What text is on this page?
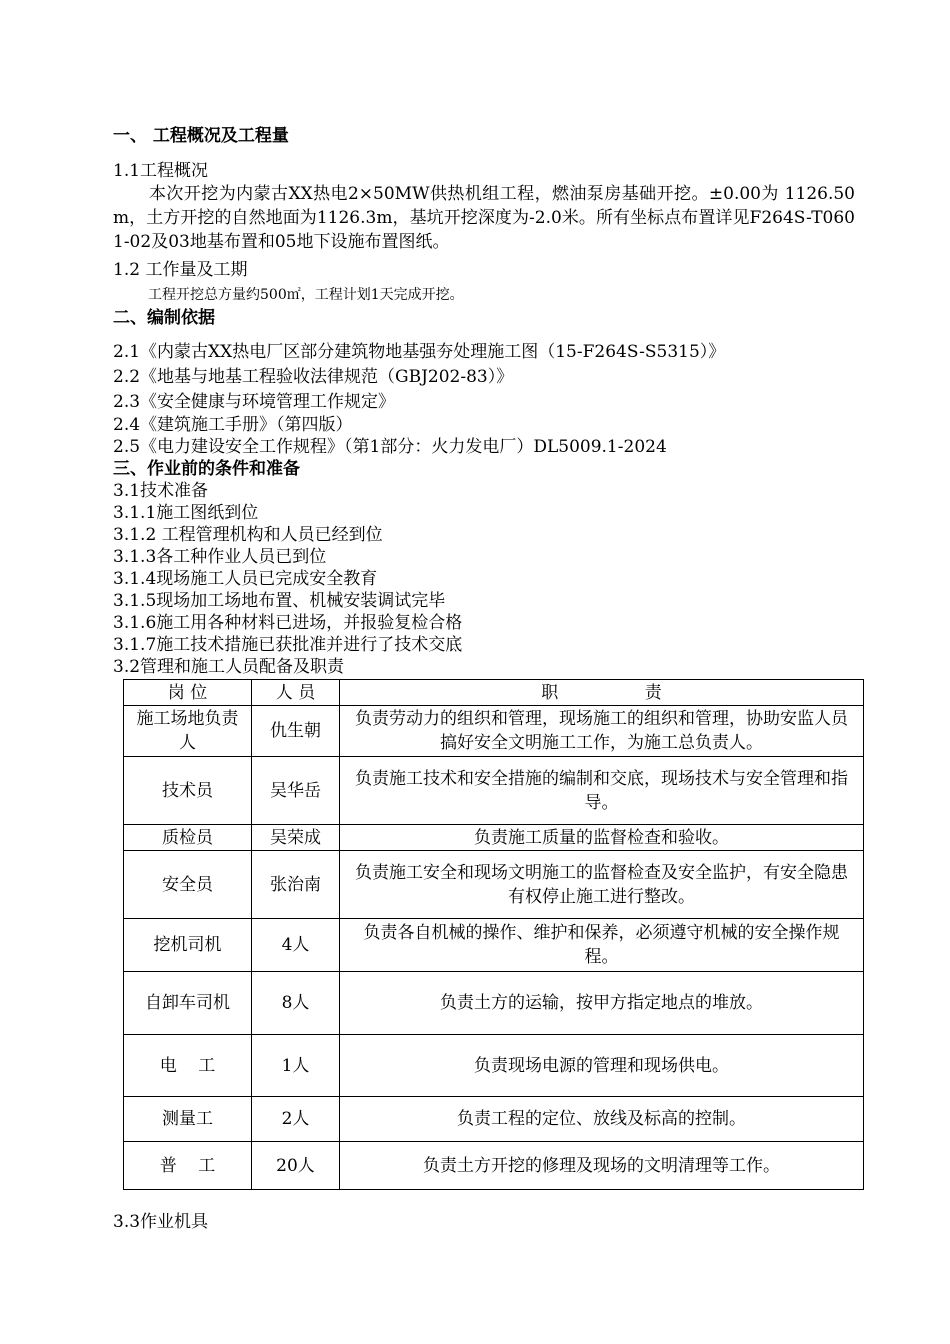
一、 工程概况及工程量
1.1工程概况
本次开挖为内蒙古XX热电2×50MW供热机组工程，燃油泵房基础开挖。±0.00为 1126.50m，土方开挖的自然地面为1126.3m，基坑开挖深度为-2.0米。所有坐标点布置详见F264S-T0601-02及03地基布置和05地下设施布置图纸。
1.2 工作量及工期
工程开挖总方量约500㎡，工程计划1天完成开挖。
二、编制依据
2.1《内蒙古XX热电厂区部分建筑物地基强夯处理施工图（15-F264S-S5315）》
2.2《地基与地基工程验收法律规范（GBJ202-83）》
2.3《安全健康与环境管理工作规定》
2.4《建筑施工手册》（第四版）
2.5《电力建设安全工作规程》（第1部分：火力发电厂）DL5009.1-2024
三、作业前的条件和准备
3.1技术准备
3.1.1施工图纸到位
3.1.2 工程管理机构和人员已经到位
3.1.3各工种作业人员已到位
3.1.4现场施工人员已完成安全教育
3.1.5现场加工场地布置、机械安装调试完毕
3.1.6施工用各种材料已进场，并报验复检合格
3.1.7施工技术措施已获批准并进行了技术交底
3.2管理和施工人员配备及职责
岗 位	人 员	职                责
施工场地负责人	仇生朝	负责劳动力的组织和管理，现场施工的组织和管理，协助安监人员搞好安全文明施工工作，为施工总负责人。
技术员	吴华岳	负责施工技术和安全措施的编制和交底，现场技术与安全管理和指导。
质检员	吴荣成	负责施工质量的监督检查和验收。
安全员	张治南	负责施工安全和现场文明施工的监督检查及安全监护，有安全隐患有权停止施工进行整改。
挖机司机	4人	负责各自机械的操作、维护和保养，必须遵守机械的安全操作规程。
自卸车司机	8人	负责土方的运输，按甲方指定地点的堆放。
电    工	1人	负责现场电源的管理和现场供电。
测量工	2人	负责工程的定位、放线及标高的控制。
普    工	20人	负责土方开挖的修理及现场的文明清理等工作。
3.3作业机具
